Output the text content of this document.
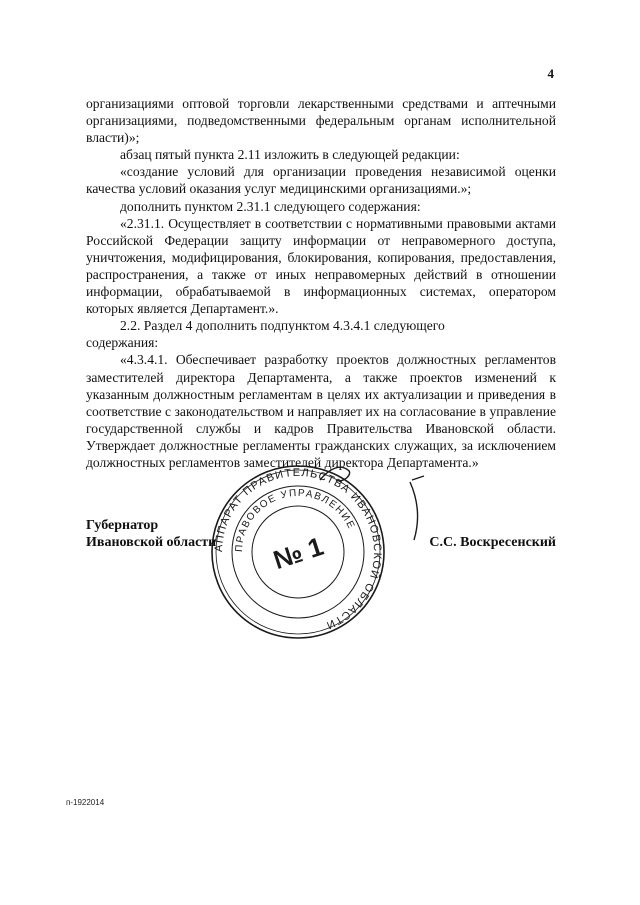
4

организациями оптовой торговли лекарственными средствами и аптечными организациями, подведомственными федеральным органам исполнительной власти)»;

абзац пятый пункта 2.11 изложить в следующей редакции:

«создание условий для организации проведения независимой оценки качества условий оказания услуг медицинскими организациями.»;

дополнить пунктом 2.31.1 следующего содержания:

«2.31.1. Осуществляет в соответствии с нормативными правовыми актами Российской Федерации защиту информации от неправомерного доступа, уничтожения, модифицирования, блокирования, копирования, предоставления, распространения, а также от иных неправомерных действий в отношении информации, обрабатываемой в информационных системах, оператором которых является Департамент.».

2.2. Раздел 4 дополнить подпунктом 4.3.4.1 следующего

содержания:

«4.3.4.1. Обеспечивает разработку проектов должностных регламентов заместителей директора Департамента, а также проектов изменений к указанным должностным регламентам в целях их актуализации и приведения в соответствие с законодательством и направляет их на согласование в управление государственной службы и кадров Правительства Ивановской области. Утверждает должностные регламенты гражданских служащих, за исключением должностных регламентов заместителей директора Департамента.»

АППАРАТ ПРАВИТЕЛЬСТВА ИВАНОВСКОЙ ОБЛАСТИ
ПРАВОВОЕ УПРАВЛЕНИЕ
№ 1
Губернатор
Ивановской области	С.С. Воскресенский
п-1922014
